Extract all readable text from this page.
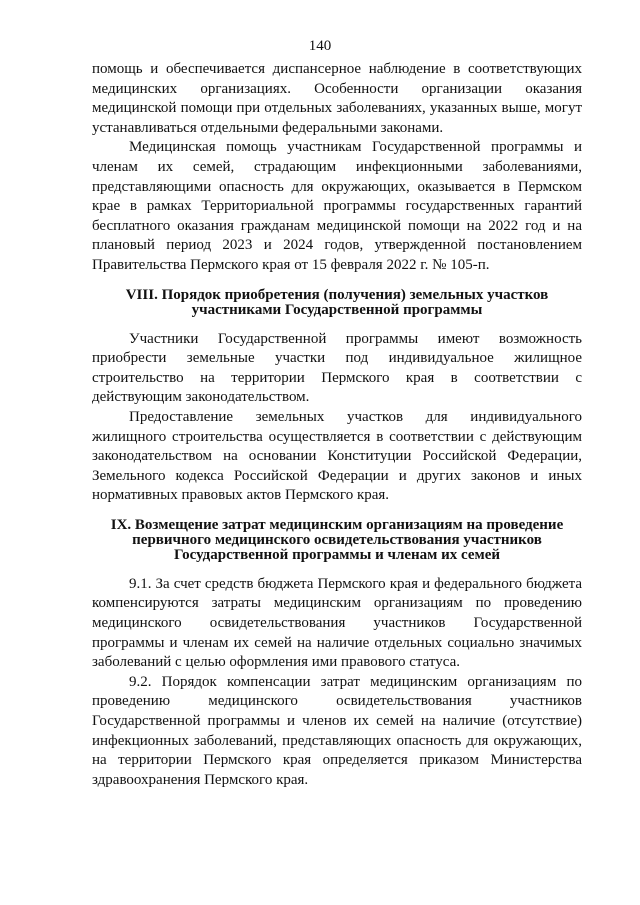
140

помощь и обеспечивается диспансерное наблюдение в соответствующих медицинских организациях. Особенности организации оказания медицинской помощи при отдельных заболеваниях, указанных выше, могут устанавливаться отдельными федеральными законами.

Медицинская помощь участникам Государственной программы и членам их семей, страдающим инфекционными заболеваниями, представляющими опасность для окружающих, оказывается в Пермском крае в рамках Территориальной программы государственных гарантий бесплатного оказания гражданам медицинской помощи на 2022 год и на плановый период 2023 и 2024 годов, утвержденной постановлением Правительства Пермского края от 15 февраля 2022 г. № 105-п.

VIII. Порядок приобретения (получения) земельных участков
участниками Государственной программы

Участники Государственной программы имеют возможность приобрести земельные участки под индивидуальное жилищное строительство на территории Пермского края в соответствии с действующим законодательством.

Предоставление земельных участков для индивидуального жилищного строительства осуществляется в соответствии с действующим законодательством на основании Конституции Российской Федерации, Земельного кодекса Российской Федерации и других законов и иных нормативных правовых актов Пермского края.

IX. Возмещение затрат медицинским организациям на проведение
первичного медицинского освидетельствования участников
Государственной программы и членам их семей

9.1. За счет средств бюджета Пермского края и федерального бюджета компенсируются затраты медицинским организациям по проведению медицинского освидетельствования участников Государственной программы и членам их семей на наличие отдельных социально значимых заболеваний с целью оформления ими правового статуса.

9.2. Порядок компенсации затрат медицинским организациям по проведению медицинского освидетельствования участников Государственной программы и членов их семей на наличие (отсутствие) инфекционных заболеваний, представляющих опасность для окружающих, на территории Пермского края определяется приказом Министерства здравоохранения Пермского края.
